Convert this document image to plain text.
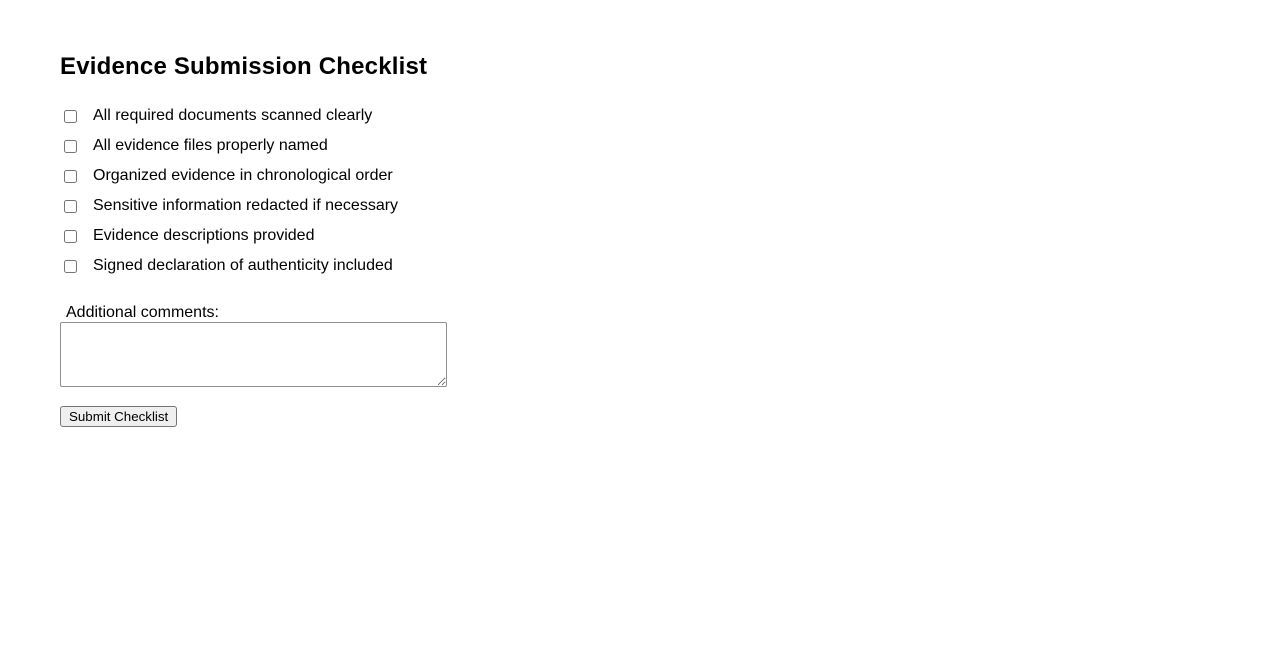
Evidence Submission Checklist
All required documents scanned clearly
All evidence files properly named
Organized evidence in chronological order
Sensitive information redacted if necessary
Evidence descriptions provided
Signed declaration of authenticity included
Additional comments:
Submit Checklist
